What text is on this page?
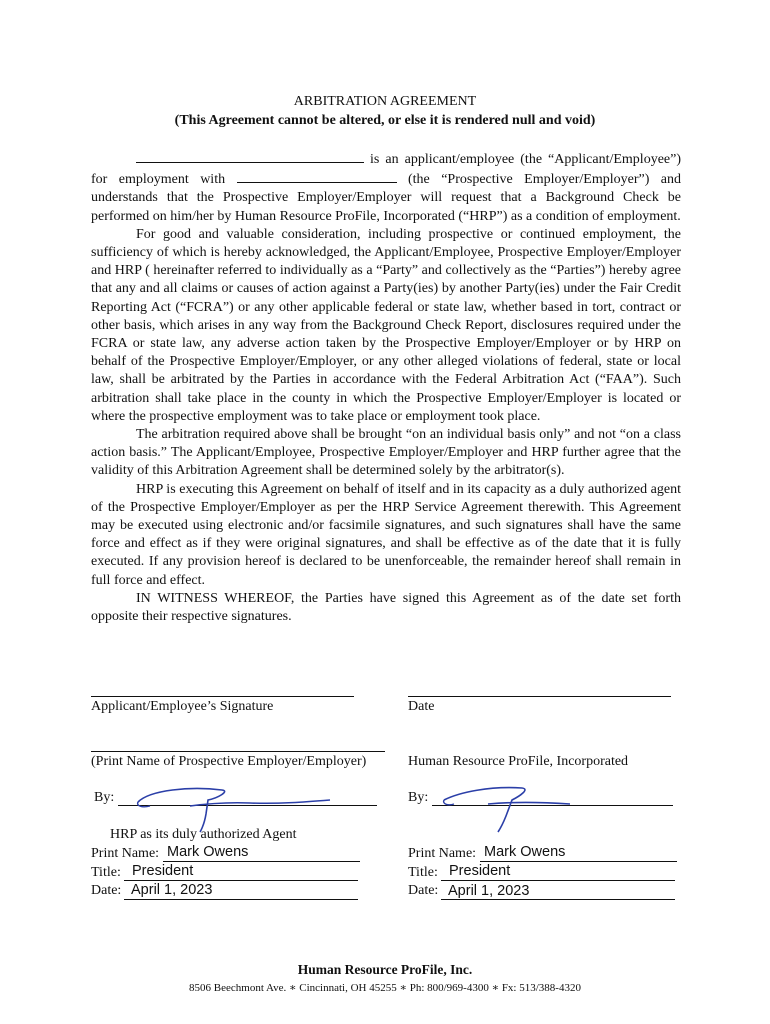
ARBITRATION AGREEMENT
(This Agreement cannot be altered, or else it is rendered null and void)

is an applicant/employee (the “Applicant/Employee”) for employment with	(the “Prospective Employer/Employer”) and understands that the Prospective Employer/Employer will request that a Background Check be performed on him/her by Human Resource ProFile, Incorporated (“HRP”) as a condition of employment.

For good and valuable consideration, including prospective or continued employment, the sufficiency of which is hereby acknowledged, the Applicant/Employee, Prospective Employer/Employer and HRP ( hereinafter referred to individually as a “Party” and collectively as the “Parties”) hereby agree that any and all claims or causes of action against a Party(ies) by another Party(ies) under the Fair Credit Reporting Act (“FCRA”) or any other applicable federal or state law, whether based in tort, contract or other basis, which arises in any way from the Background Check Report, disclosures required under the FCRA or state law, any adverse action taken by the Prospective Employer/Employer or by HRP on behalf of the Prospective Employer/Employer, or any other alleged violations of federal, state or local law, shall be arbitrated by the Parties in accordance with the Federal Arbitration Act (“FAA”). Such arbitration shall take place in the county in which the Prospective Employer/Employer is located or where the prospective employment was to take place or employment took place.

The arbitration required above shall be brought “on an individual basis only” and not “on a class action basis.” The Applicant/Employee, Prospective Employer/Employer and HRP further agree that the validity of this Arbitration Agreement shall be determined solely by the arbitrator(s).

HRP is executing this Agreement on behalf of itself and in its capacity as a duly authorized agent of the Prospective Employer/Employer as per the HRP Service Agreement therewith. This Agreement may be executed using electronic and/or facsimile signatures, and such signatures shall have the same force and effect as if they were original signatures, and shall be effective as of the date that it is fully executed. If any provision hereof is declared to be unenforceable, the remainder hereof shall remain in full force and effect.

IN WITNESS WHEREOF, the Parties have signed this Agreement as of the date set forth opposite their respective signatures.

Applicant/Employee’s Signature	Date
(Print Name of Prospective Employer/Employer)	Human Resource ProFile, Incorporated
By:	By:
HRP as its duly authorized Agent
Print Name: Mark Owens
Title: President
Date: April 1, 2023
Print Name: Mark Owens
Title: President
Date: April 1, 2023
Human Resource ProFile, Inc.
8506 Beechmont Ave. ∗ Cincinnati, OH 45255 ∗ Ph: 800/969-4300 ∗ Fx: 513/388-4320
